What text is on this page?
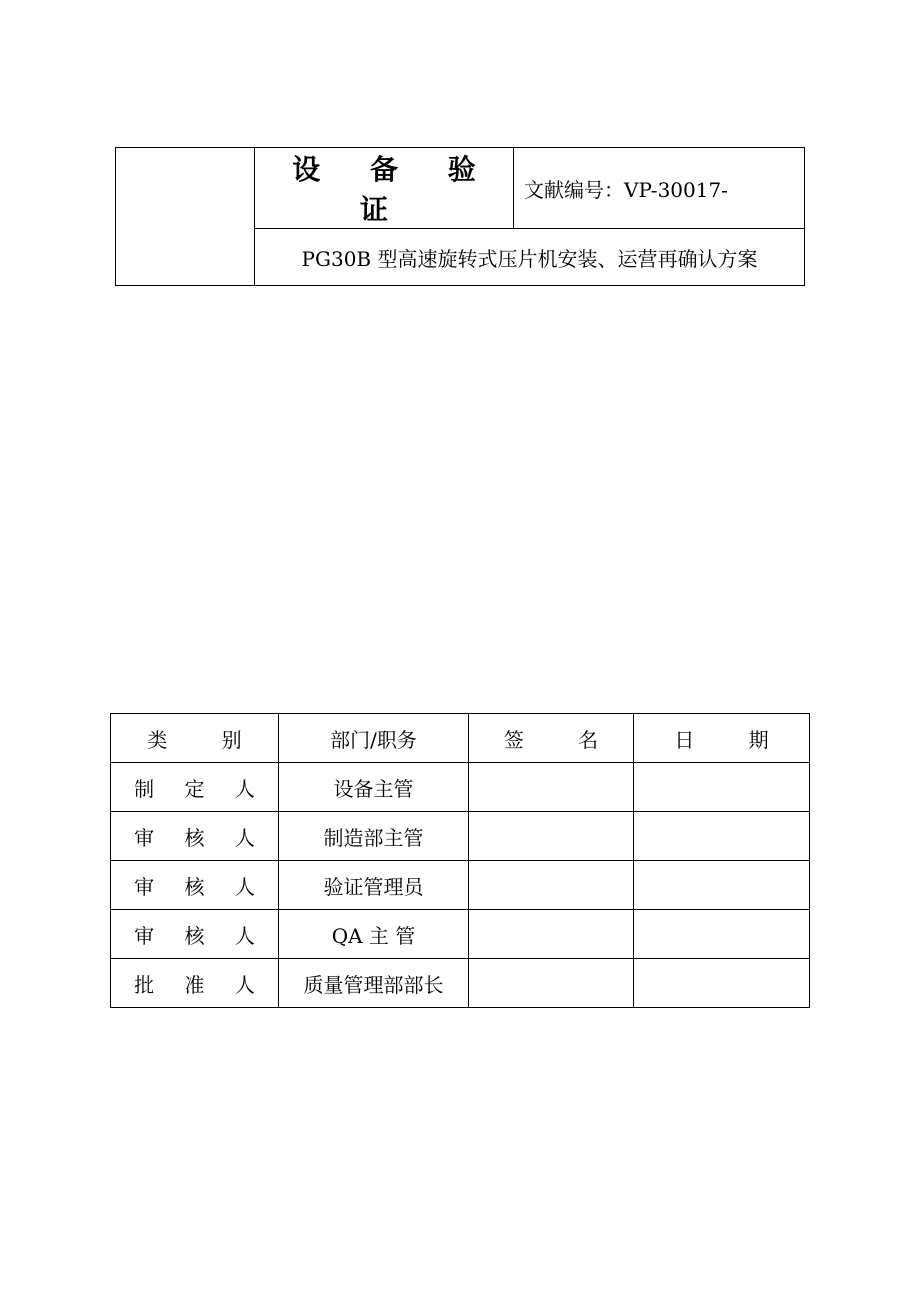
	设 备 验 证	文献编号：VP-30017-
PG30B 型高速旋转式压片机安装、运营再确认方案
类 别	部门/职务	签 名	日 期
制 定 人	设备主管		
审 核 人	制造部主管		
审 核 人	验证管理员		
审 核 人	QA 主 管		
批 准 人	质量管理部部长		
